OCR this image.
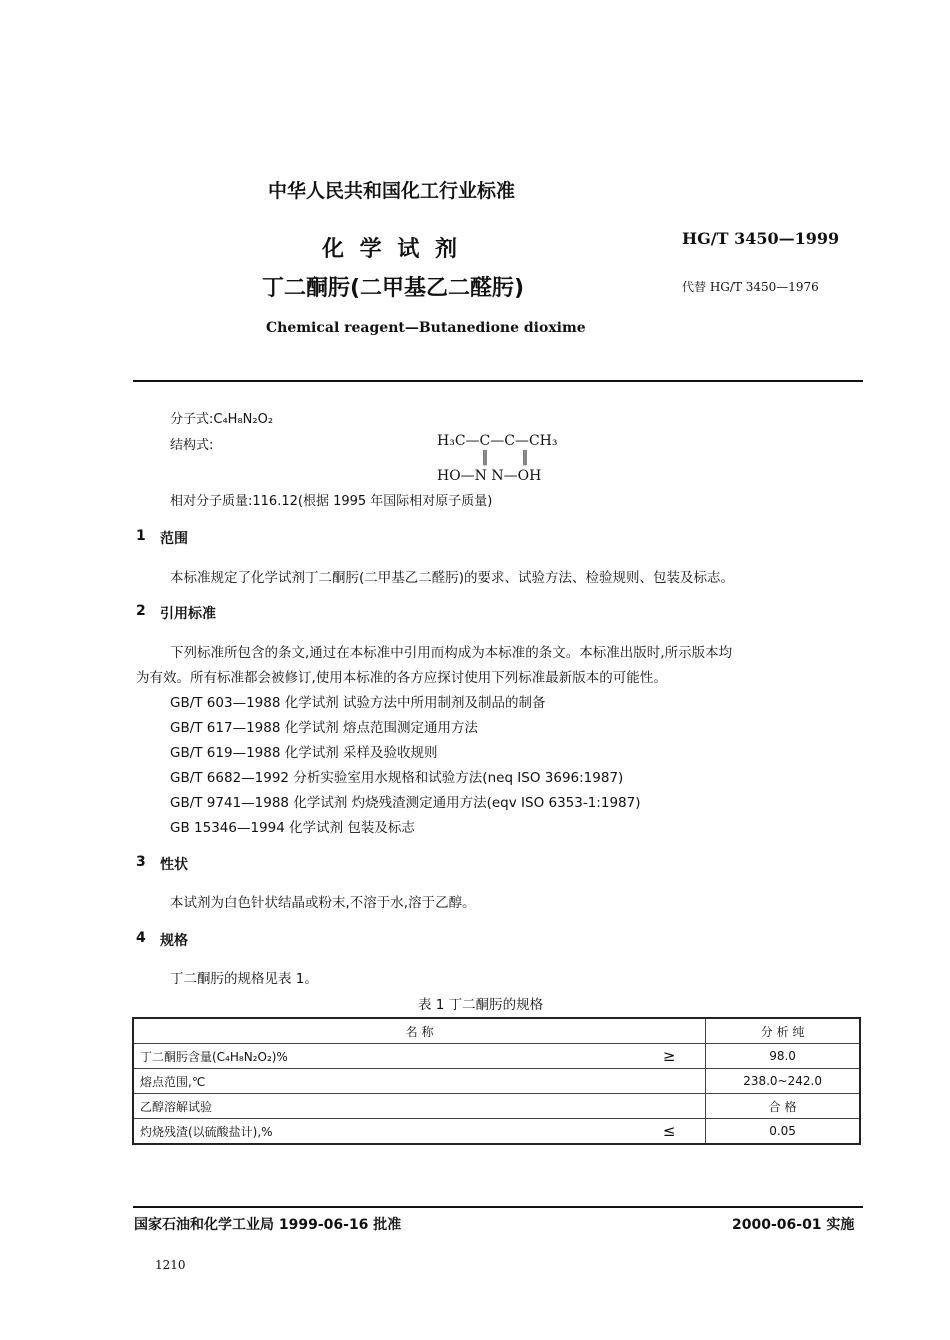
中华人民共和国化工行业标准
化 学 试 剂
丁二酮肟(二甲基乙二醛肟)
Chemical reagent—Butanedione dioxime
HG/T 3450—1999
代替 HG/T 3450—1976
分子式:C₄H₈N₂O₂
结构式:	H₃C—C—C—CH₃
║ ║
HO—N N—OH
相对分子质量:116.12(根据 1995 年国际相对原子质量)
1 范围
本标准规定了化学试剂丁二酮肟(二甲基乙二醛肟)的要求、试验方法、检验规则、包装及标志。
2 引用标准
下列标准所包含的条文,通过在本标准中引用而构成为本标准的条文。本标准出版时,所示版本均
为有效。所有标准都会被修订,使用本标准的各方应探讨使用下列标准最新版本的可能性。
GB/T 603—1988 化学试剂 试验方法中所用制剂及制品的制备
GB/T 617—1988 化学试剂 熔点范围测定通用方法
GB/T 619—1988 化学试剂 采样及验收规则
GB/T 6682—1992 分析实验室用水规格和试验方法(neq ISO 3696:1987)
GB/T 9741—1988 化学试剂 灼烧残渣测定通用方法(eqv ISO 6353-1:1987)
GB 15346—1994 化学试剂 包装及标志
3 性状
本试剂为白色针状结晶或粉末,不溶于水,溶于乙醇。
4 规格
丁二酮肟的规格见表 1。
表 1 丁二酮肟的规格
名 称		分 析 纯
丁二酮肟含量(C₄H₈N₂O₂)%	≥	98.0
熔点范围,℃		238.0~242.0
乙醇溶解试验		合 格
灼烧残渣(以硫酸盐计),%	≤	0.05
国家石油和化学工业局 1999-06-16 批准	2000-06-01 实施
1210
